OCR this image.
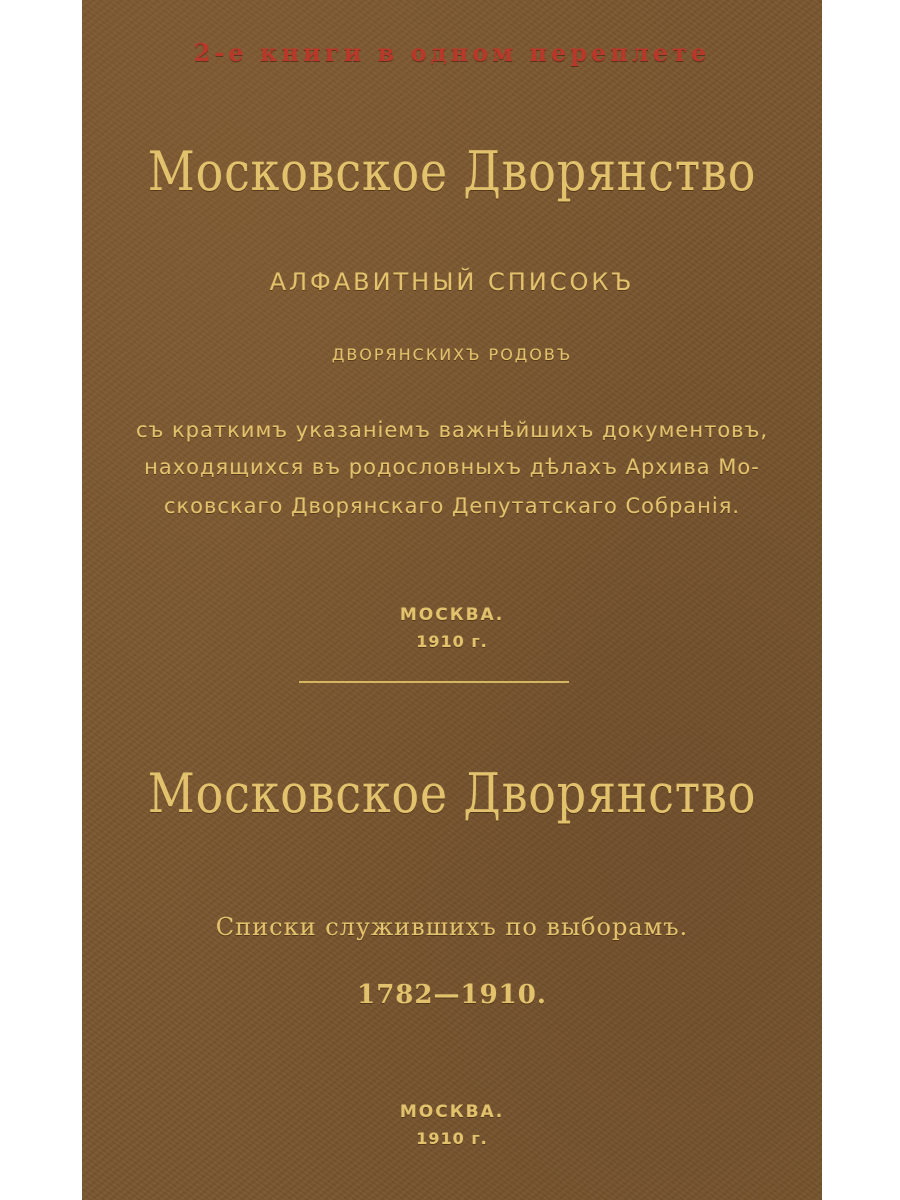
2-е книги в одном переплете
Московское Дворянство
АЛФАВИТНЫЙ СПИСОКЪ
ДВОРЯНСКИХЪ РОДОВЪ
съ краткимъ указанiемъ важнѣйшихъ документовъ,
находящихся въ родословныхъ дѣлахъ Архива Мо-
сковскаго Дворянскаго Депутатскаго Собранiя.
МОСКВА.
1910 г.
Московское Дворянство
Списки служившихъ по выборамъ.
1782—1910.
МОСКВА.
1910 г.
